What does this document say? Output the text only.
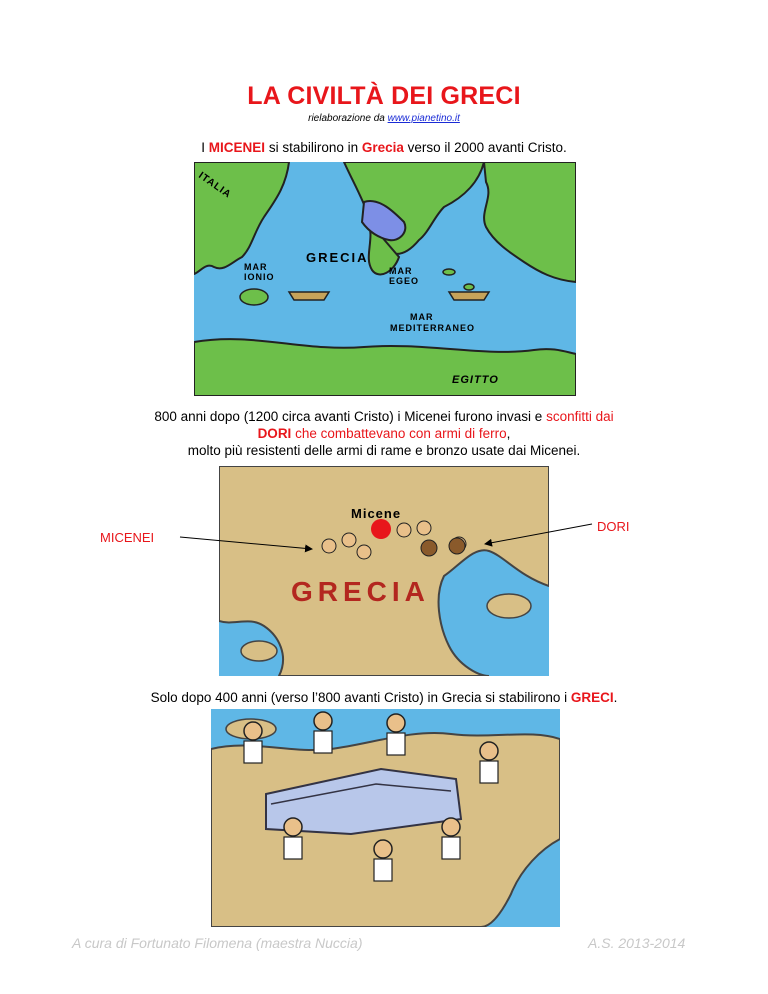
LA CIVILTÀ DEI GRECI
rielaborazione da www.pianetino.it
I MICENEI si stabilirono in Grecia verso il 2000 avanti Cristo.
ITALIA
GRECIA
MAR
IONIO
MAR
EGEO
MAR
MEDITERRANEO
EGITTO
800 anni dopo (1200 circa avanti Cristo) i Micenei furono invasi e sconfitti dai
DORI che combattevano con armi di ferro,
molto più resistenti delle armi di rame e bronzo usate dai Micenei.
Micene
GRECIA
MICENEI
DORI
Solo dopo 400 anni (verso l’800 avanti Cristo) in Grecia si stabilirono i GRECI.
A cura di Fortunato Filomena (maestra Nuccia)	A.S. 2013-2014
